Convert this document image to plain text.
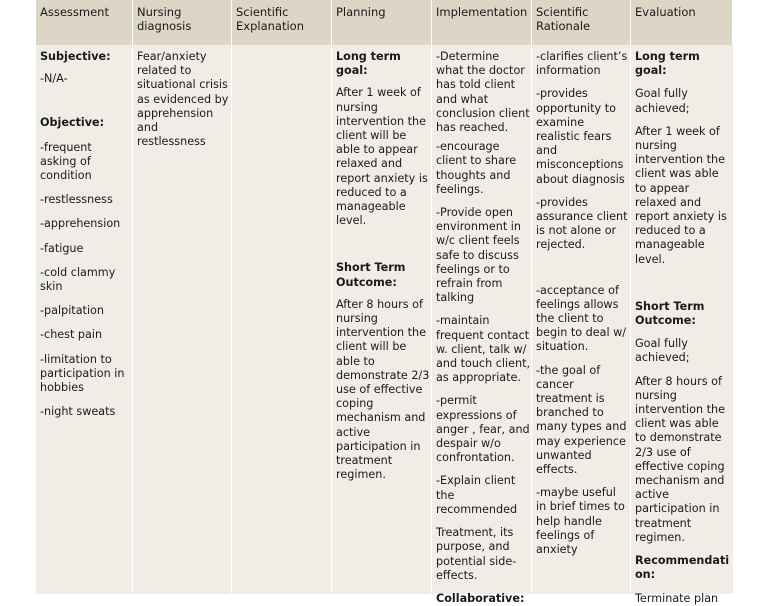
Assessment	Nursing diagnosis
Scientific Explanation
Planning	Implementation Scientific Rationale
Evaluation
Subjective:
-N/A-
Objective:
-frequent asking of condition
-restlessness
-apprehension
-fatigue
-cold clammy skin
-palpitation
-chest pain
-limitation to participation in hobbies
-night sweats
Fear/anxiety related to situational crisis as evidenced by apprehension and restlessness
Long term goal:
After 1 week of nursing intervention the client will be able to appear relaxed and report anxiety is reduced to a manageable level.
Short Term Outcome:
After 8 hours of nursing intervention the client will be able to demonstrate 2/3 use of effective coping mechanism and active participation in treatment regimen.
-Determine what the doctor has told client and what conclusion client has reached.
-encourage client to share thoughts and feelings.
-Provide open environment in w/c client feels safe to discuss feelings or to refrain from talking
-maintain frequent contact w. client, talk w/ and touch client, as appropriate.
-permit expressions of anger , fear, and despair w/o confrontation.
-Explain client the recommended
Treatment, its purpose, and potential side-effects.
Collaborative:
-clarifies client’s information
-provides opportunity to examine realistic fears and misconceptions about diagnosis
-provides assurance client is not alone or rejected.
-acceptance of feelings allows the client to begin to deal w/ situation.
-the goal of cancer treatment is branched to many types and may experience unwanted effects.
-maybe useful in brief times to help handle feelings of anxiety
Long term goal:
Goal fully achieved;
After 1 week of nursing intervention the client was able to appear relaxed and report anxiety is reduced to a manageable level.
Short Term Outcome:
Goal fully achieved;
After 8 hours of nursing intervention the client was able to demonstrate 2/3 use of effective coping mechanism and active participation in treatment regimen.
Recommendation:
Terminate plan
